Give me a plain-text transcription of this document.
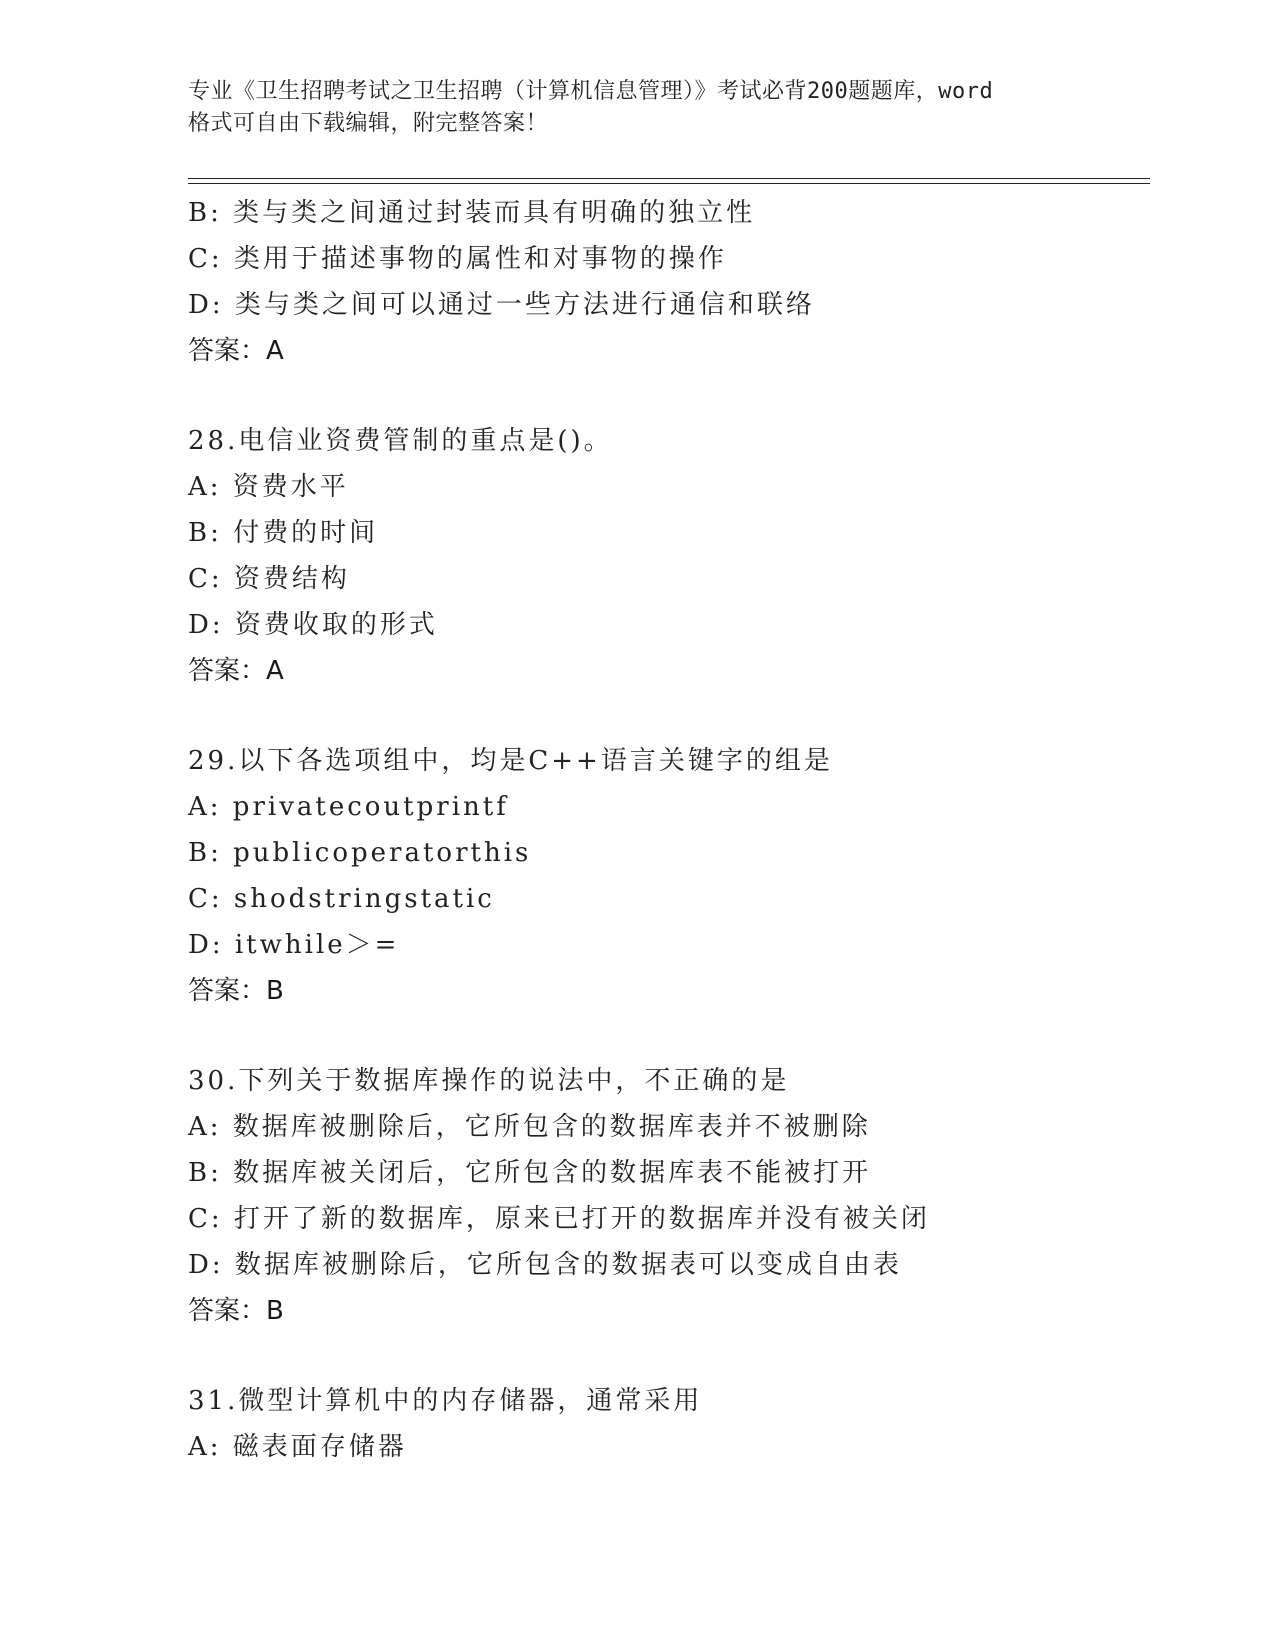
专业《卫生招聘考试之卫生招聘（计算机信息管理）》考试必背200题题库，word
格式可自由下载编辑，附完整答案！
B: 类与类之间通过封装而具有明确的独立性
C: 类用于描述事物的属性和对事物的操作
D: 类与类之间可以通过一些方法进行通信和联络
答案：A
28.电信业资费管制的重点是()。
A: 资费水平
B: 付费的时间
C: 资费结构
D: 资费收取的形式
答案：A
29.以下各选项组中，均是C++语言关键字的组是
A: privatecoutprintf
B: publicoperatorthis
C: shodstringstatic
D: itwhile＞=
答案：B
30.下列关于数据库操作的说法中，不正确的是
A: 数据库被删除后，它所包含的数据库表并不被删除
B: 数据库被关闭后，它所包含的数据库表不能被打开
C: 打开了新的数据库，原来已打开的数据库并没有被关闭
D: 数据库被删除后，它所包含的数据表可以变成自由表
答案：B
31.微型计算机中的内存储器，通常采用
A: 磁表面存储器
